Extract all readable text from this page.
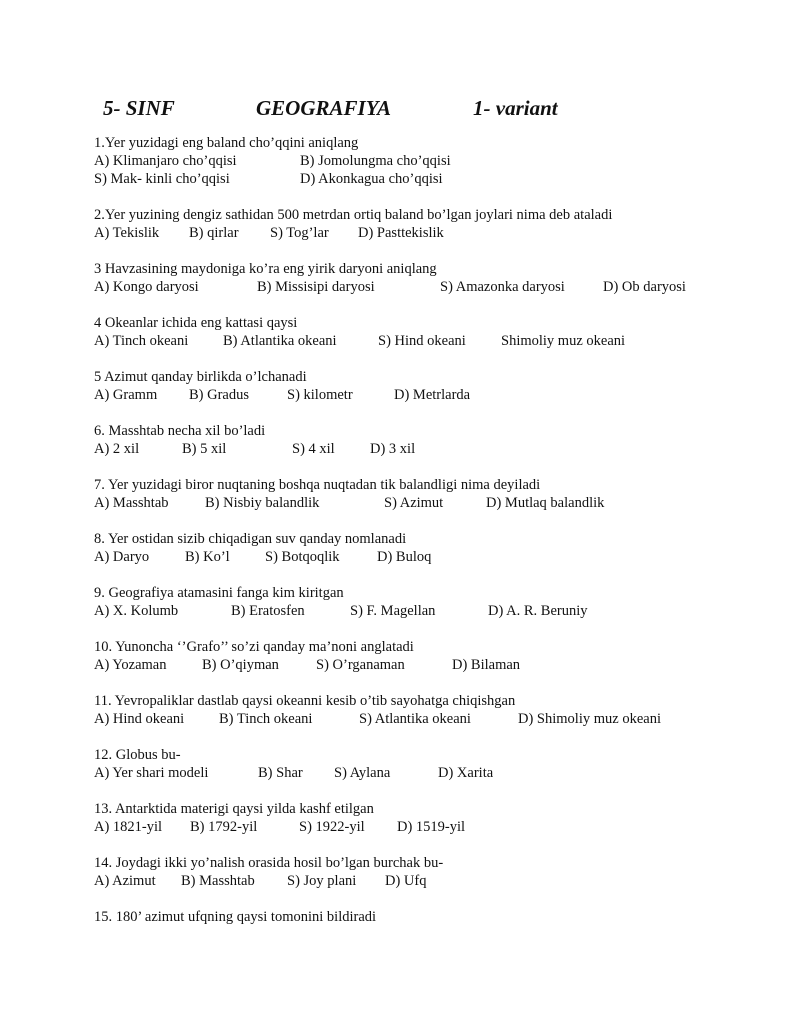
5- SINF	GEOGRAFIYA	1- variant
1.Yer yuzidagi eng baland cho’qqini aniqlang
A) Klimanjaro cho’qqisi	B) Jomolungma cho’qqisi
S) Mak- kinli cho’qqisi	D) Akonkagua cho’qqisi
2.Yer yuzining dengiz sathidan 500 metrdan ortiq baland bo’lgan joylari nima deb ataladi
A) Tekislik B) qirlar S) Tog’lar D) Pasttekislik
3 Havzasining maydoniga ko’ra eng yirik daryoni aniqlang
A) Kongo daryosi	B) Missisipi daryosi	S) Amazonka daryosi	D) Ob daryosi
4 Okeanlar ichida eng kattasi qaysi
A) Tinch okeani B) Atlantika okeani	S) Hind okeani Shimoliy muz okeani
5 Azimut qanday birlikda o’lchanadi
A) Gramm B) Gradus	S) kilometr	D) Metrlarda
6. Masshtab necha xil bo’ladi
A) 2 xil	B) 5 xil	S) 4 xil D) 3 xil
7. Yer yuzidagi biror nuqtaning boshqa nuqtadan tik balandligi nima deyiladi
A) Masshtab	B) Nisbiy balandlik	S) Azimut	D) Mutlaq balandlik
8. Yer ostidan sizib chiqadigan suv qanday nomlanadi
A) Daryo B) Ko’l S) Botqoqlik	D) Buloq
9. Geografiya atamasini fanga kim kiritgan
A) X. Kolumb	B) Eratosfen	S) F. Magellan	D) A. R. Beruniy
10. Yunoncha ‘’Grafo’’ so’zi qanday ma’noni anglatadi
A) Yozaman B) O’qiyman	S) O’rganaman	D) Bilaman
11. Yevropaliklar dastlab qaysi okeanni kesib o’tib sayohatga chiqishgan
A) Hind okeani B) Tinch okeani	S) Atlantika okeani	D) Shimoliy muz okeani
12. Globus bu-
A) Yer shari modeli	B) Shar S) Aylana	D) Xarita
13. Antarktida materigi qaysi yilda kashf etilgan
A) 1821-yil B) 1792-yil	S) 1922-yil D) 1519-yil
14. Joydagi ikki yo’nalish orasida hosil bo’lgan burchak bu-
A) Azimut B) Masshtab S) Joy plani D) Ufq
15. 180’ azimut ufqning qaysi tomonini bildiradi
